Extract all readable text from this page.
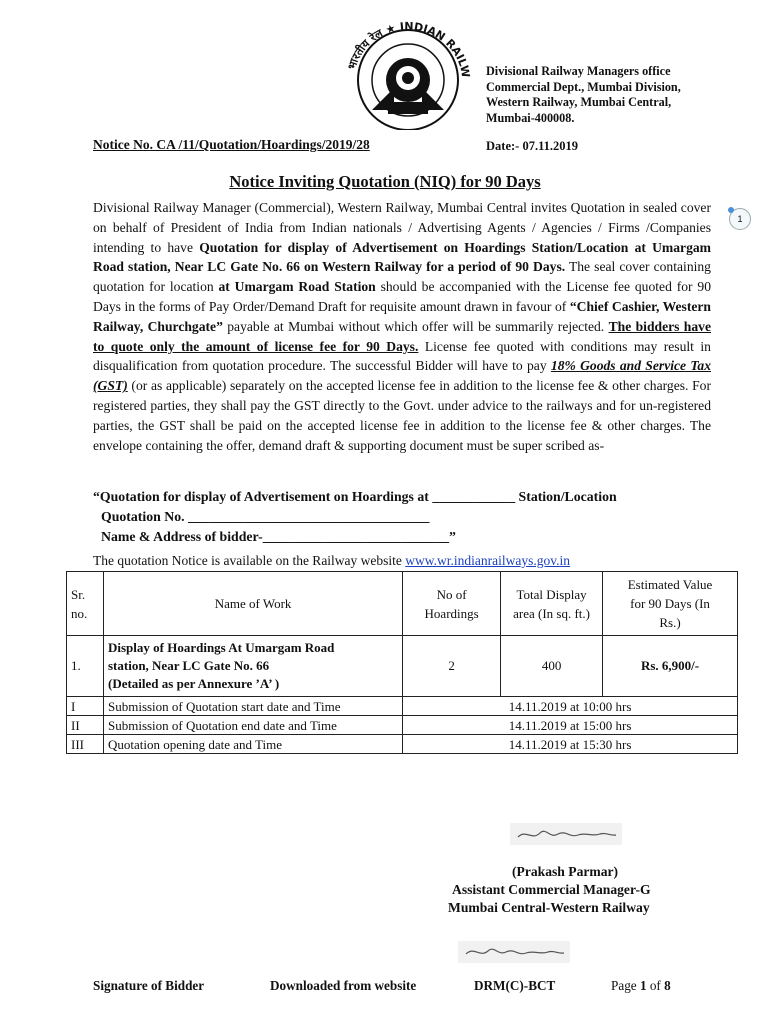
भारतीय रेल ★ INDIAN RAILW Divisional Railway Managers office
Commercial Dept., Mumbai Division,
Western Railway, Mumbai Central,
Mumbai-400008.
Notice No. CA /11/Quotation/Hoardings/2019/28	Date:- 07.11.2019
Notice Inviting Quotation (NIQ) for 90 Days
1
Divisional Railway Manager (Commercial), Western Railway, Mumbai Central invites Quotation in sealed cover on behalf of President of India from Indian nationals / Advertising Agents / Agencies / Firms /Companies intending to have Quotation for display of Advertisement on Hoardings Station/Location at Umargam Road station, Near LC Gate No. 66 on Western Railway for a period of 90 Days. The seal cover containing quotation for location at Umargam Road Station should be accompanied with the License fee quoted for 90 Days in the forms of Pay Order/Demand Draft for requisite amount drawn in favour of “Chief Cashier, Western Railway, Churchgate” payable at Mumbai without which offer will be summarily rejected. The bidders have to quote only the amount of license fee for 90 Days. License fee quoted with conditions may result in disqualification from quotation procedure. The successful Bidder will have to pay 18% Goods and Service Tax (GST) (or as applicable) separately on the accepted license fee in addition to the license fee & other charges. For registered parties, they shall pay the GST directly to the Govt. under advice to the railways and for un-registered parties, the GST shall be paid on the accepted license fee in addition to the license fee & other charges. The envelope containing the offer, demand draft & supporting document must be super scribed as-
“Quotation for display of Advertisement on Hoardings at ____________ Station/Location
Quotation No. ___________________________________
Name & Address of bidder-___________________________”
The quotation Notice is available on the Railway website www.wr.indianrailways.gov.in
Sr. no.	Name of Work	No of Hoardings	Total Display area (In sq. ft.)	Estimated Value for 90 Days (In Rs.)
1.	Display of Hoardings At Umargam Road
station, Near LC Gate No. 66
(Detailed as per Annexure ’A’ )	2	400	Rs. 6,900/-
I	Submission of Quotation start date and Time	14.11.2019 at 10:00 hrs		
II	Submission of Quotation end date and Time	14.11.2019 at 15:00 hrs		
III	Quotation opening date and Time	14.11.2019 at 15:30 hrs		
(Prakash Parmar)
Assistant Commercial Manager-G
Mumbai Central-Western Railway
Signature of Bidder	Downloaded from website	DRM(C)-BCT	Page 1 of 8
